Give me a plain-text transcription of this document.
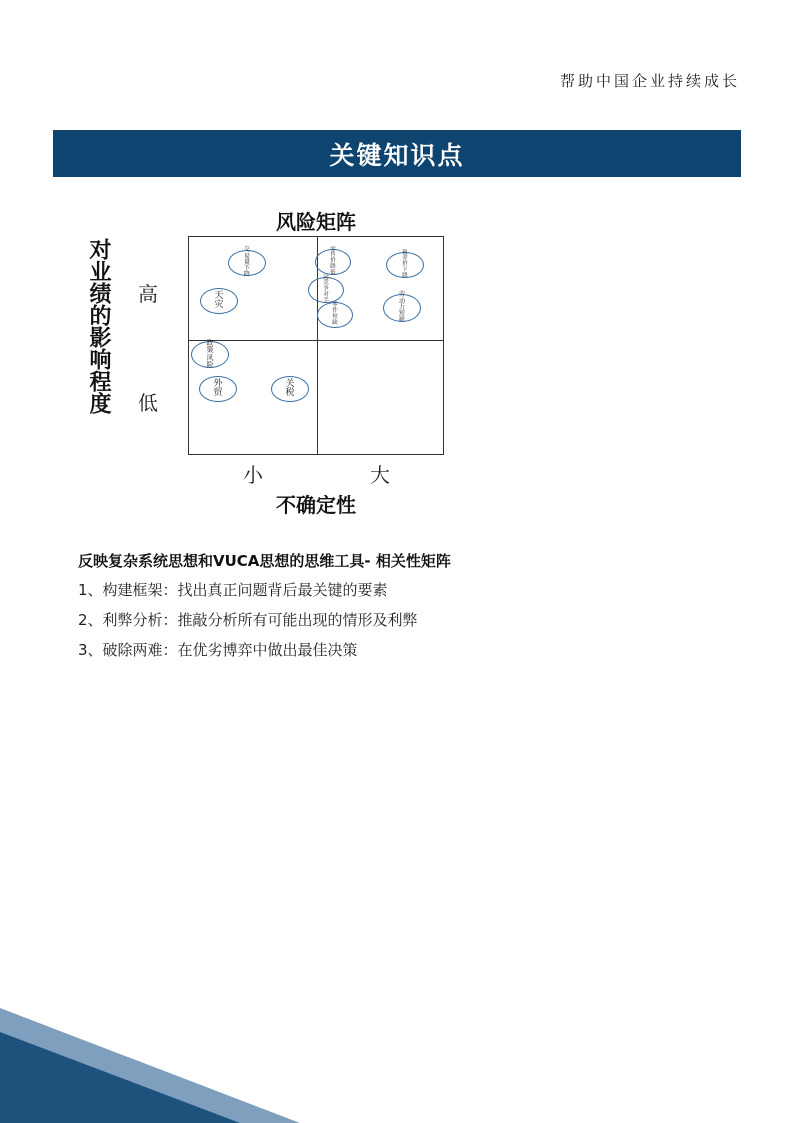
帮助中国企业持续成长
关键知识点
风险矩阵
对业绩的影响程度 高
低
交
易
量
下
降
天
灾
政
策
风
险
外
贸
关
税
零
售
价
降
低
同
竞
争
对
手
零
件
短
缺
租
金
价
下
降
劳
动
力
短
缺
小	大
不确定性

反映复杂系统思想和VUCA思想的思维工具- 相关性矩阵

1、构建框架：找出真正问题背后最关键的要素

2、利弊分析：推敲分析所有可能出现的情形及利弊

3、破除两难：在优劣博弈中做出最佳决策
